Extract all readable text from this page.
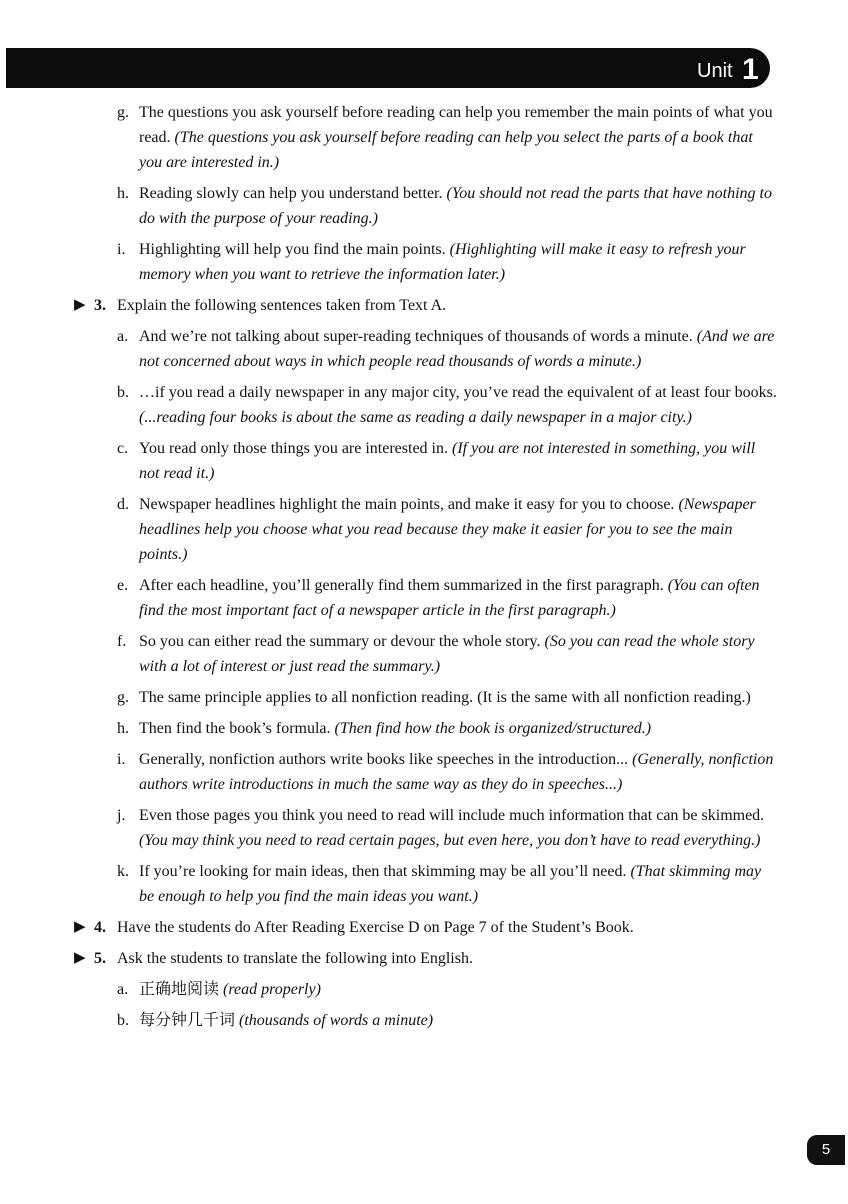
Unit 1
g. The questions you ask yourself before reading can help you remember the main points of what you read. (The questions you ask yourself before reading can help you select the parts of a book that you are interested in.)
h. Reading slowly can help you understand better. (You should not read the parts that have nothing to do with the purpose of your reading.)
i. Highlighting will help you find the main points. (Highlighting will make it easy to refresh your memory when you want to retrieve the information later.)
▶ 3. Explain the following sentences taken from Text A.
a. And we’re not talking about super-reading techniques of thousands of words a minute. (And we are not concerned about ways in which people read thousands of words a minute.)
b. …if you read a daily newspaper in any major city, you’ve read the equivalent of at least four books. (...reading four books is about the same as reading a daily newspaper in a major city.)
c. You read only those things you are interested in. (If you are not interested in something, you will not read it.)
d. Newspaper headlines highlight the main points, and make it easy for you to choose. (Newspaper headlines help you choose what you read because they make it easier for you to see the main points.)
e. After each headline, you’ll generally find them summarized in the first paragraph. (You can often find the most important fact of a newspaper article in the first paragraph.)
f. So you can either read the summary or devour the whole story. (So you can read the whole story with a lot of interest or just read the summary.)
g. The same principle applies to all nonfiction reading. (It is the same with all nonfiction reading.)
h. Then find the book’s formula. (Then find how the book is organized/structured.)
i. Generally, nonfiction authors write books like speeches in the introduction... (Generally, nonfiction authors write introductions in much the same way as they do in speeches...)
j. Even those pages you think you need to read will include much information that can be skimmed. (You may think you need to read certain pages, but even here, you don’t have to read everything.)
k. If you’re looking for main ideas, then that skimming may be all you’ll need. (That skimming may be enough to help you find the main ideas you want.)
▶ 4. Have the students do After Reading Exercise D on Page 7 of the Student’s Book.
▶ 5. Ask the students to translate the following into English.
a. 正确地阅读 (read properly)
b. 每分钟几千词 (thousands of words a minute)
5
